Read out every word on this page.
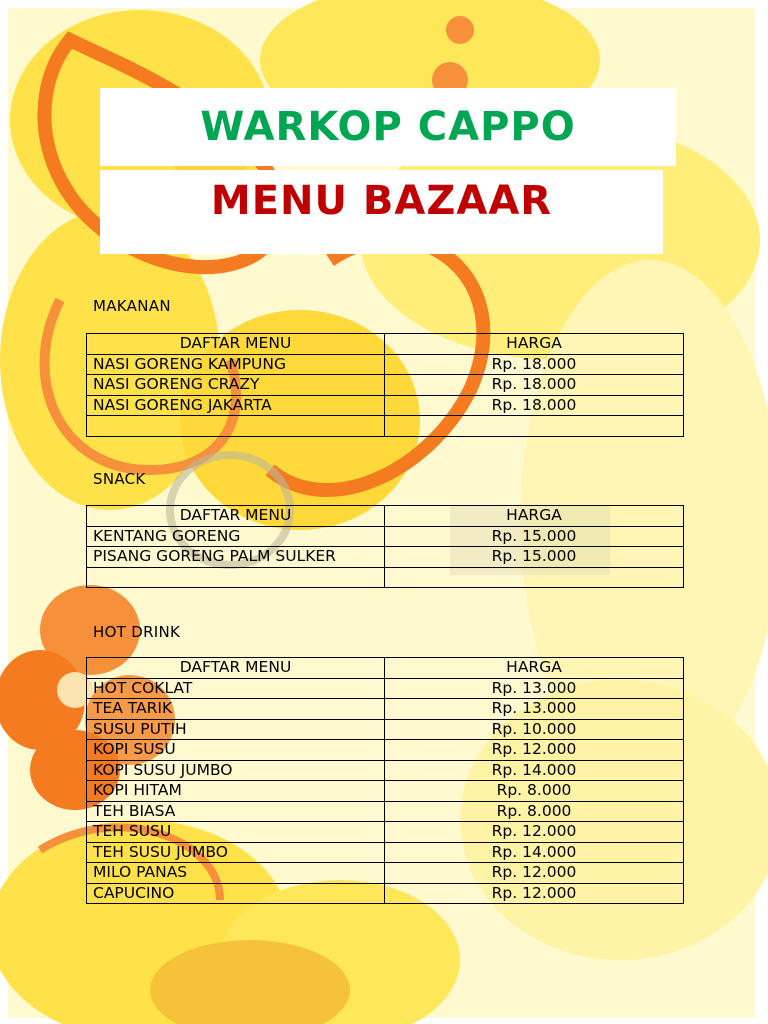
WARKOP CAPPO
MENU BAZAAR
MAKANAN
DAFTAR MENU	HARGA
NASI GORENG KAMPUNG	Rp. 18.000
NASI GORENG CRAZY	Rp. 18.000
NASI GORENG JAKARTA	Rp. 18.000

SNACK
DAFTAR MENU	HARGA
KENTANG GORENG	Rp. 15.000
PISANG GORENG PALM SULKER	Rp. 15.000

HOT DRINK
DAFTAR MENU	HARGA
HOT COKLAT	Rp. 13.000
TEA TARIK	Rp. 13.000
SUSU PUTIH	Rp. 10.000
KOPI SUSU	Rp. 12.000
KOPI SUSU JUMBO	Rp. 14.000
KOPI HITAM	Rp. 8.000
TEH BIASA	Rp. 8.000
TEH SUSU	Rp. 12.000
TEH SUSU JUMBO	Rp. 14.000
MILO PANAS	Rp. 12.000
CAPUCINO	Rp. 12.000
